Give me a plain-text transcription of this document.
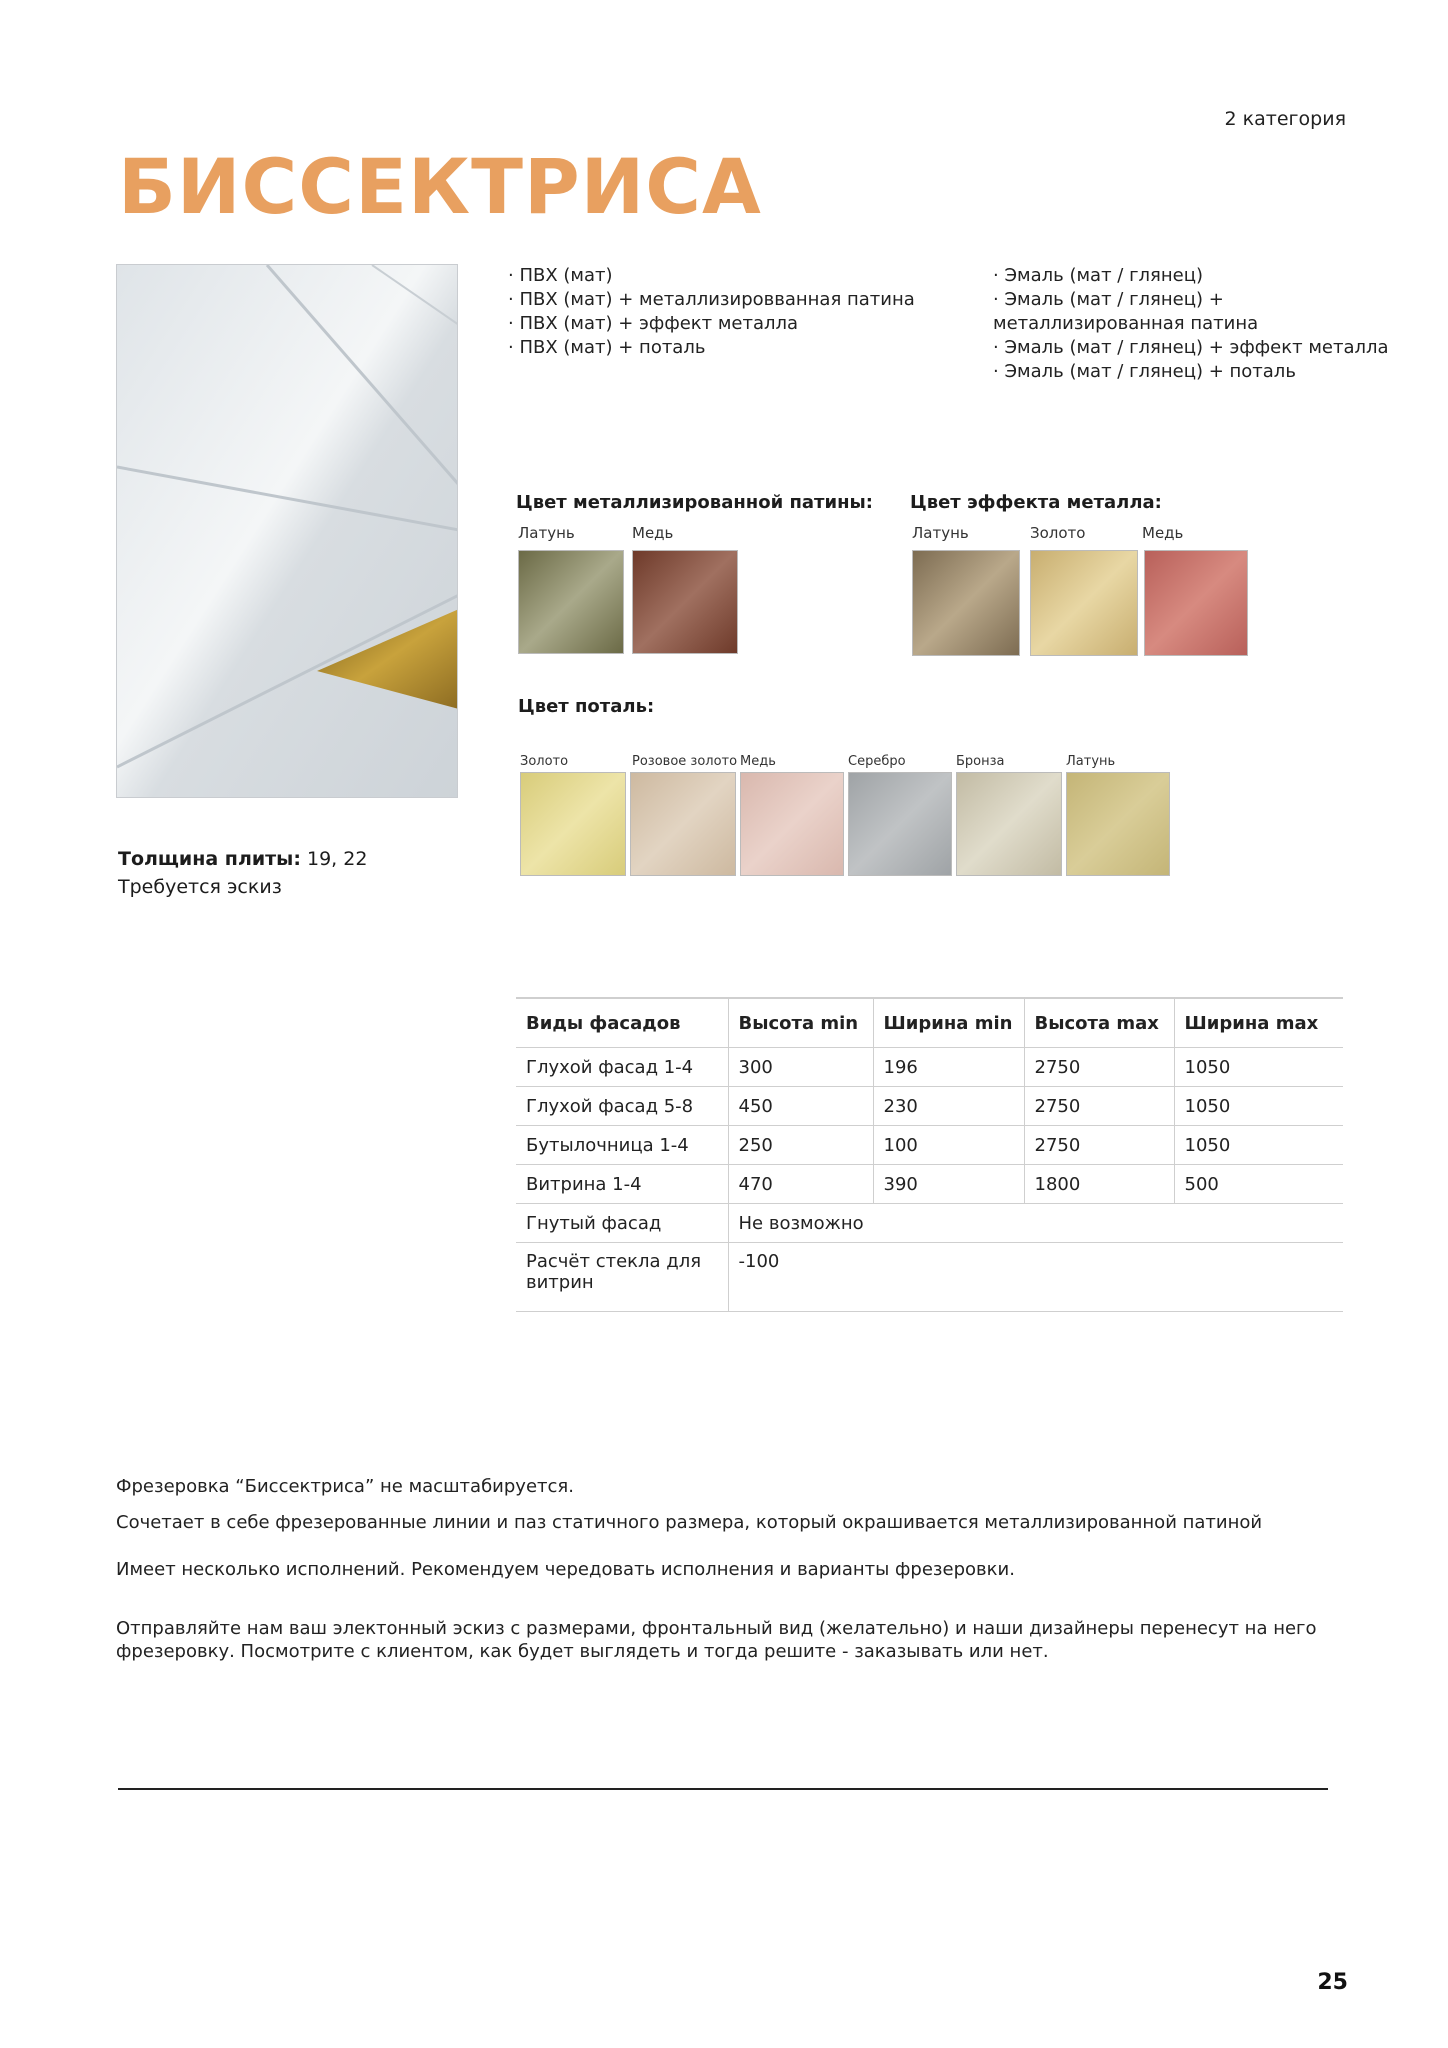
2 категория
БИССЕКТРИСА
Толщина плиты: 19, 22
Требуется эскиз
· ПВХ (мат)
· ПВХ (мат) + металлизировванная патина
· ПВХ (мат) + эффект металла
· ПВХ (мат) + поталь
· Эмаль (мат / глянец)
· Эмаль (мат / глянец) +
металлизированная патина
· Эмаль (мат / глянец) + эффект металла
· Эмаль (мат / глянец) + поталь
Цвет металлизированной патины:
Латунь	Медь
Цвет эффекта металла:
Латунь	Золото	Медь
Цвет поталь:
Золото	Розовое золото Медь	Серебро	Бронза	Латунь
Виды фасадов	Высота min	Ширина min	Высота max	Ширина max
Глухой фасад 1-4	300	196	2750	1050
Глухой фасад 5-8	450	230	2750	1050
Бутылочница 1-4	250	100	2750	1050
Витрина 1-4	470	390	1800	500
Гнутый фасад	Не возможно			
Расчёт стекла для витрин	-100			
Фрезеровка “Биссектриса” не масштабируется.
Сочетает в себе фрезерованные линии и паз статичного размера, который окрашивается металлизированной патиной
Имеет несколько исполнений. Рекомендуем чередовать исполнения и варианты фрезеровки.
Отправляйте нам ваш электонный эскиз с размерами, фронтальный вид (желательно) и наши дизайнеры перенесут на него
фрезеровку. Посмотрите с клиентом, как будет выглядеть и тогда решите - заказывать или нет.
25
